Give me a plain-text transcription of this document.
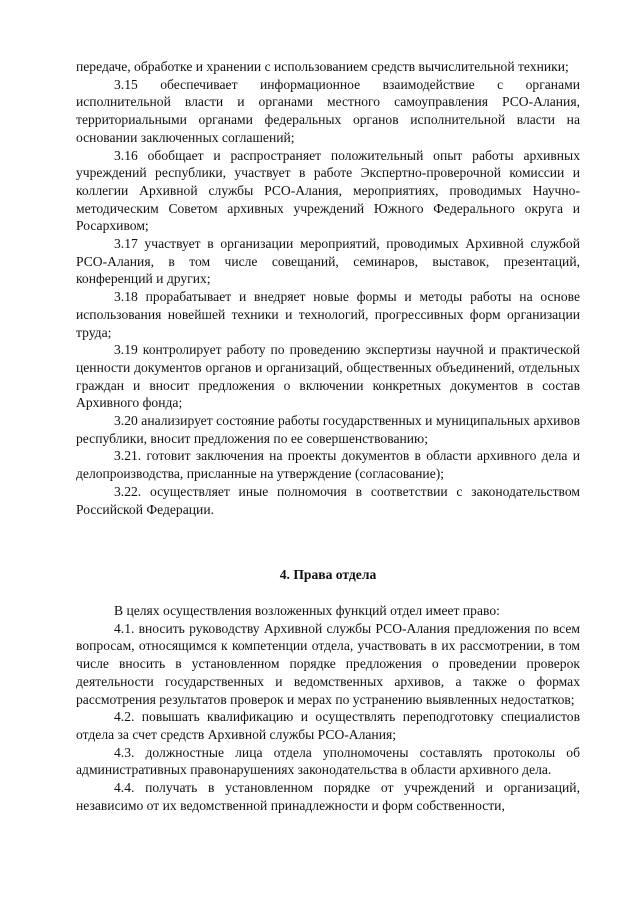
передаче, обработке и хранении с использованием средств вычислительной техники;

3.15 обеспечивает информационное взаимодействие с органами исполнительной власти и органами местного самоуправления РСО-Алания, территориальными органами федеральных органов исполнительной власти на основании заключенных соглашений;

3.16 обобщает и распространяет положительный опыт работы архивных учреждений республики, участвует в работе Экспертно-проверочной комиссии и коллегии Архивной службы РСО-Алания, мероприятиях, проводимых Научно-методическим Советом архивных учреждений Южного Федерального округа и Росархивом;

3.17 участвует в организации мероприятий, проводимых Архивной службой РСО-Алания, в том числе совещаний, семинаров, выставок, презентаций, конференций и других;

3.18 прорабатывает и внедряет новые формы и методы работы на основе использования новейшей техники и технологий, прогрессивных форм организации труда;

3.19 контролирует работу по проведению экспертизы научной и практической ценности документов органов и организаций, общественных объединений, отдельных граждан и вносит предложения о включении конкретных документов в состав Архивного фонда;

3.20 анализирует состояние работы государственных и муниципальных архивов республики, вносит предложения по ее совершенствованию;

3.21. готовит заключения на проекты документов в области архивного дела и делопроизводства, присланные на утверждение (согласование);

3.22. осуществляет иные полномочия в соответствии с законодательством Российской Федерации.

4. Права отдела

В целях осуществления возложенных функций отдел имеет право:

4.1. вносить руководству Архивной службы РСО-Алания предложения по всем вопросам, относящимся к компетенции отдела, участвовать в их рассмотрении, в том числе вносить в установленном порядке предложения о проведении проверок деятельности государственных и ведомственных архивов, а также о формах рассмотрения результатов проверок и мерах по устранению выявленных недостатков;

4.2. повышать квалификацию и осуществлять переподготовку специалистов отдела за счет средств Архивной службы РСО-Алания;

4.3. должностные лица отдела уполномочены составлять протоколы об административных правонарушениях законодательства в области архивного дела.

4.4. получать в установленном порядке от учреждений и организаций, независимо от их ведомственной принадлежности и форм собственности,
